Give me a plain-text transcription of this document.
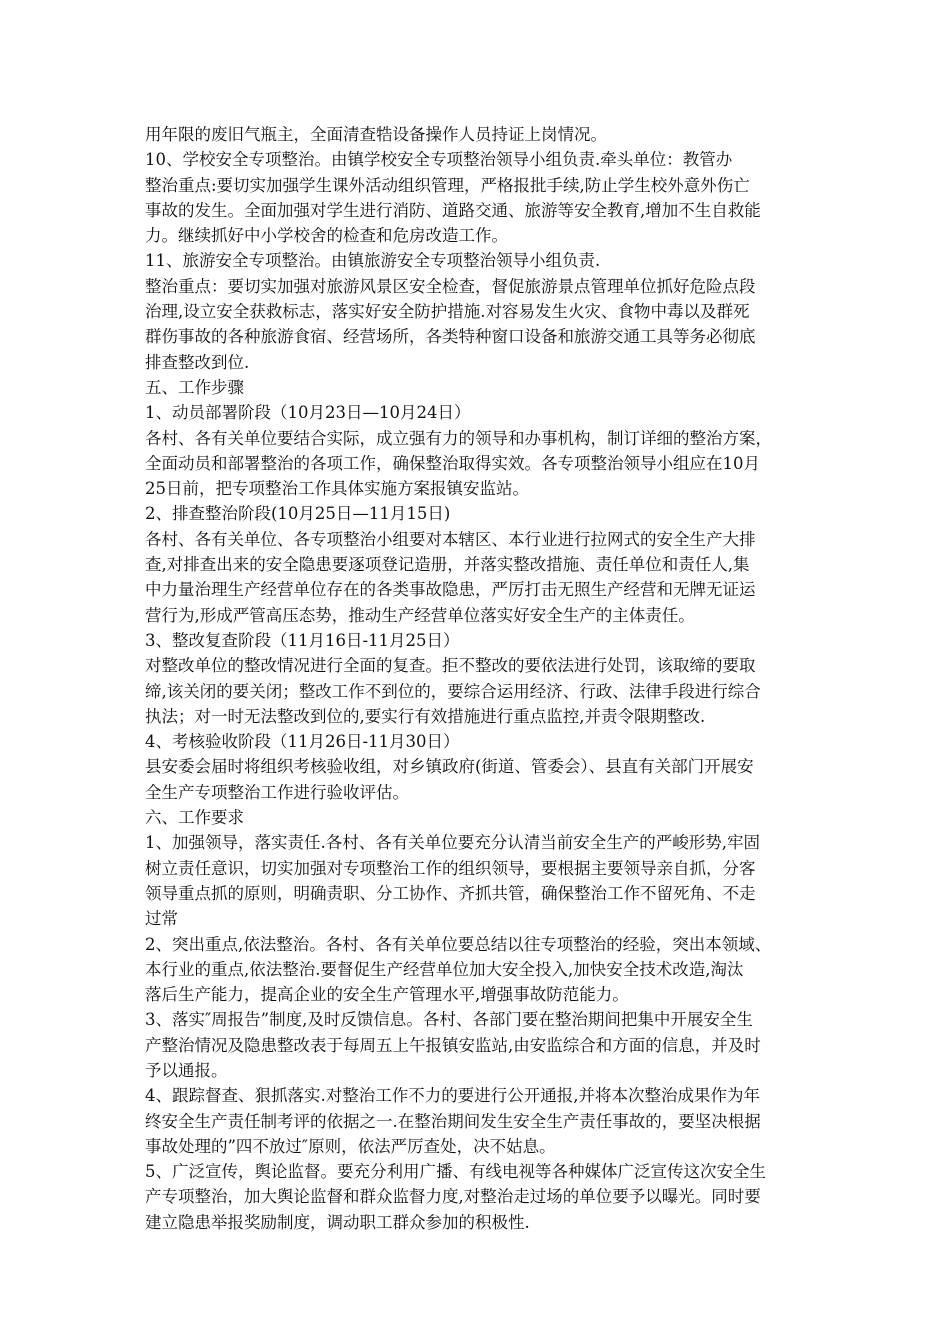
用年限的废旧气瓶主，全面清查牿设备操作人员持证上岗情况。
10、学校安全专项整治。由镇学校安全专项整治领导小组负责.牵头单位：教管办
整治重点:要切实加强学生课外活动组织管理，严格报批手续,防止学生校外意外伤亡
事故的发生。全面加强对学生进行消防、道路交通、旅游等安全教育,增加不生自救能
力。继续抓好中小学校舍的检查和危房改造工作。
11、旅游安全专项整治。由镇旅游安全专项整治领导小组负责.
整治重点：要切实加强对旅游风景区安全检查，督促旅游景点管理单位抓好危险点段
治理,设立安全获救标志，落实好安全防护措施.对容易发生火灾、食物中毒以及群死
群伤事故的各种旅游食宿、经营场所，各类特种窗口设备和旅游交通工具等务必彻底
排查整改到位.
五、工作步骤
1、动员部署阶段（10月23日—10月24日）
各村、各有关单位要结合实际，成立强有力的领导和办事机构，制订详细的整治方案，
全面动员和部署整治的各项工作，确保整治取得实效。各专项整治领导小组应在10月
25日前，把专项整治工作具体实施方案报镇安监站。
2、排查整治阶段(10月25日—11月15日)
各村、各有关单位、各专项整治小组要对本辖区、本行业进行拉网式的安全生产大排
查,对排查出来的安全隐患要逐项登记造册，并落实整改措施、责任单位和责任人,集
中力量治理生产经营单位存在的各类事故隐患，严厉打击无照生产经营和无牌无证运
营行为,形成严管高压态势，推动生产经营单位落实好安全生产的主体责任。
3、整改复查阶段（11月16日-11月25日）
对整改单位的整改情况进行全面的复查。拒不整改的要依法进行处罚，该取缔的要取
缔,该关闭的要关闭；整改工作不到位的，要综合运用经济、行政、法律手段进行综合
执法；对一时无法整改到位的,要实行有效措施进行重点监控,并责令限期整改.
4、考核验收阶段（11月26日-11月30日）
县安委会届时将组织考核验收组，对乡镇政府(街道、管委会）、县直有关部门开展安
全生产专项整治工作进行验收评估。
六、工作要求
1、加强领导，落实责任.各村、各有关单位要充分认清当前安全生产的严峻形势,牢固
树立责任意识，切实加强对专项整治工作的组织领导，要根据主要领导亲自抓，分客
领导重点抓的原则，明确责职、分工协作、齐抓共管，确保整治工作不留死角、不走
过常
2、突出重点,依法整治。各村、各有关单位要总结以往专项整治的经验，突出本领域、
本行业的重点,依法整治.要督促生产经营单位加大安全投入,加快安全技术改造,淘汰
落后生产能力，提高企业的安全生产管理水平,增强事故防范能力。
3、落实″周报告”制度,及时反馈信息。各村、各部门要在整治期间把集中开展安全生
产整治情况及隐患整改表于每周五上午报镇安监站,由安监综合和方面的信息，并及时
予以通报。
4、跟踪督查、狠抓落实.对整治工作不力的要进行公开通报,并将本次整治成果作为年
终安全生产责任制考评的依据之一.在整治期间发生安全生产责任事故的，要坚决根据
事故处理的”四不放过″原则，依法严厉查处，决不姑息。
5、广泛宣传，舆论监督。要充分利用广播、有线电视等各种媒体广泛宣传这次安全生
产专项整治，加大舆论监督和群众监督力度,对整治走过场的单位要予以曝光。同时要
建立隐患举报奖励制度，调动职工群众参加的积极性.
